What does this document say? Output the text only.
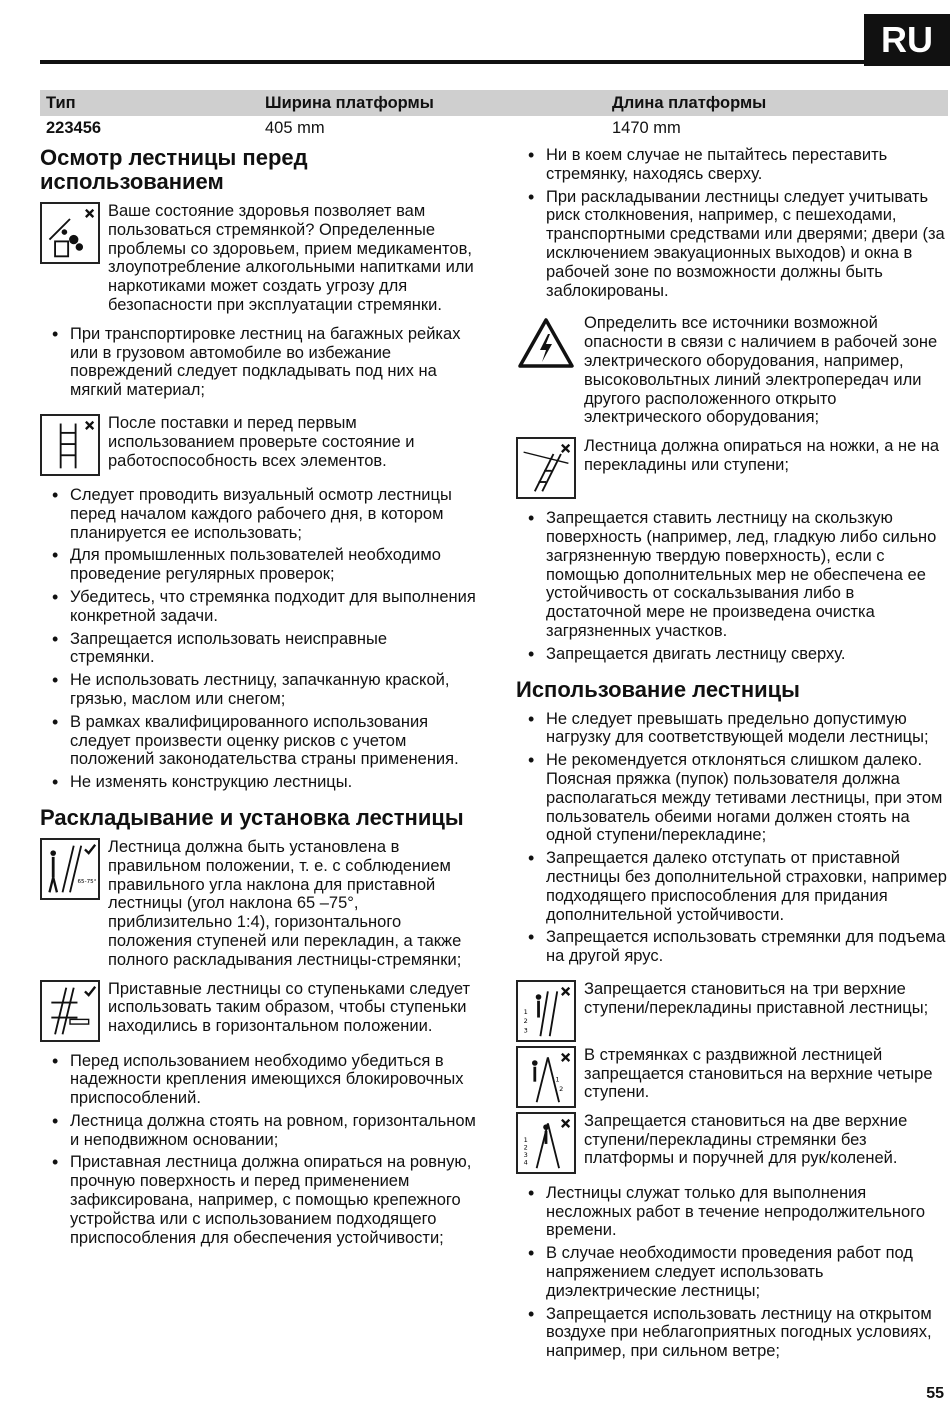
RU
Тип	Ширина платформы	Длина платформы
223456	405 mm	1470 mm
Осмотр лестницы перед использованием
Ваше состояние здоровья позволяет вам пользоваться стремянкой? Определенные проблемы со здоровьем, прием медикаментов, злоупотребление алкогольными напитками или наркотиками может создать угрозу для безопасности при эксплуатации стремянки.
• При транспортировке лестниц на багажных рейках или в грузовом автомобиле во избежание повреждений следует подкладывать под них на мягкий материал;
После поставки и перед первым использованием проверьте состояние и работоспособность всех элементов.
• Следует проводить визуальный осмотр лестницы перед началом каждого рабочего дня, в котором планируется ее использовать;
• Для промышленных пользователей необходимо проведение регулярных проверок;
• Убедитесь, что стремянка подходит для выполнения конкретной задачи.
• Запрещается использовать неисправные стремянки.
• Не использовать лестницу, запачканную краской, грязью, маслом или снегом;
• В рамках квалифицированного использования следует произвести оценку рисков с учетом положений законодательства страны применения.
• Не изменять конструкцию лестницы.
Раскладывание и установка лестницы
65-75°
Лестница должна быть установлена в правильном положении, т. е. с соблюдением правильного угла наклона для приставной лестницы (угол наклона 65 –75°, приблизительно 1:4), горизонтального положения ступеней или перекладин, а также полного раскладывания лестницы-стремянки;
Приставные лестницы со ступеньками следует использовать таким образом, чтобы ступеньки находились в горизонтальном положении.
• Перед использованием необходимо убедиться в надежности крепления имеющихся блокировочных приспособлений.
• Лестница должна стоять на ровном, горизонтальном и неподвижном основании;
• Приставная лестница должна опираться на ровную, прочную поверхность и перед применением зафиксирована, например, с помощью крепежного устройства или с использованием подходящего приспособления для обеспечения устойчивости;
• Ни в коем случае не пытайтесь переставить стремянку, находясь сверху.
• При раскладывании лестницы следует учитывать риск столкновения, например, с пешеходами, транспортными средствами или дверями; двери (за исключением эвакуационных выходов) и окна в рабочей зоне по возможности должны быть заблокированы.
Определить все источники возможной опасности в связи с наличием в рабочей зоне электрического оборудования, например, высоковольтных линий электропередач или другого расположенного открыто электрического оборудования;
Лестница должна опираться на ножки, а не на перекладины или ступени;
• Запрещается ставить лестницу на скользкую поверхность (например, лед, гладкую либо сильно загрязненную твердую поверхность), если с помощью дополнительных мер не обеспечена ее устойчивость от соскальзывания либо в достаточной мере не произведена очистка загрязненных участков.
• Запрещается двигать лестницу сверху.
Использование лестницы
• Не следует превышать предельно допустимую нагрузку для соответствующей модели лестницы;
• Не рекомендуется отклоняться слишком далеко. Поясная пряжка (пупок) пользователя должна располагаться между тетивами лестницы, при этом пользователь обеими ногами должен стоять на одной ступени/перекладине;
• Запрещается далеко отступать от приставной лестницы без дополнительной страховки, например подходящего приспособления для придания дополнительной устойчивости.
• Запрещается использовать стремянки для подъема на другой ярус.
1
2
3
Запрещается становиться на три верхние ступени/перекладины приставной лестницы;
1
2
В стремянках с раздвижной лестницей запрещается становиться на верхние четыре ступени.
1
2
3
4
Запрещается становиться на две верхние ступени/перекладины стремянки без платформы и поручней для рук/коленей.
• Лестницы служат только для выполнения несложных работ в течение непродолжительного времени.
• В случае необходимости проведения работ под напряжением следует использовать диэлектрические лестницы;
• Запрещается использовать лестницу на открытом воздухе при неблагоприятных погодных условиях, например, при сильном ветре;
55
